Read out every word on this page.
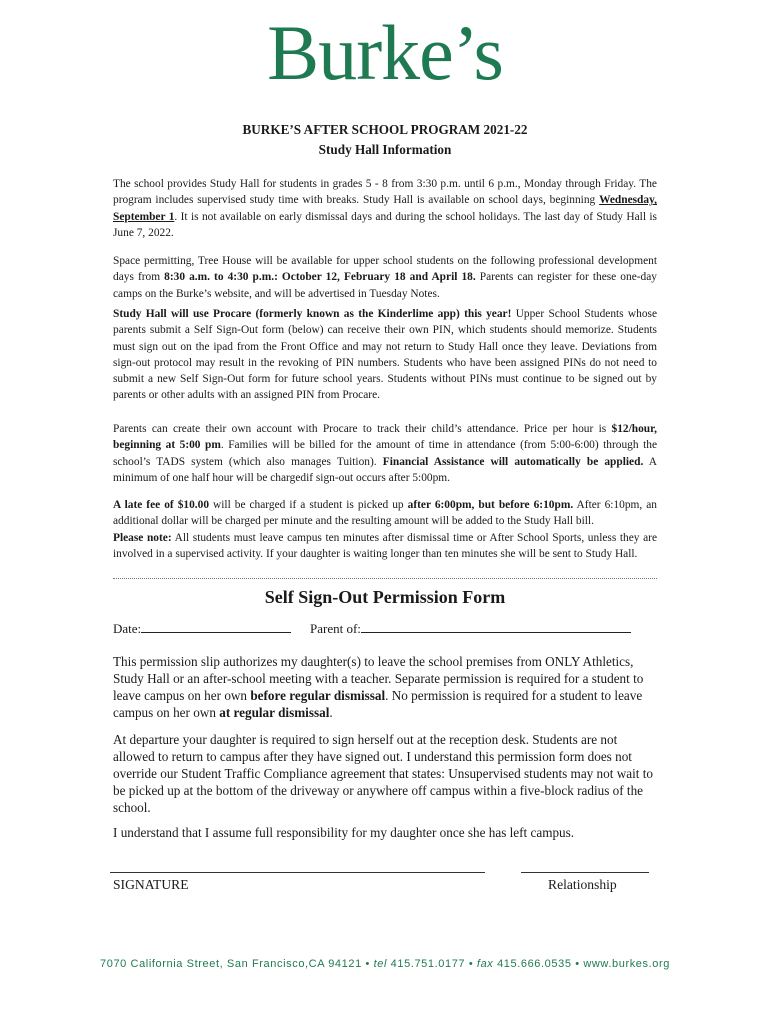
Burke’s
BURKE’S AFTER SCHOOL PROGRAM 2021-22
Study Hall Information

The school provides Study Hall for students in grades 5 - 8 from 3:30 p.m. until 6 p.m., Monday through Friday. The program includes supervised study time with breaks. Study Hall is available on school days, beginning Wednesday, September 1. It is not available on early dismissal days and during the school holidays. The last day of Study Hall is June 7, 2022.

Space permitting, Tree House will be available for upper school students on the following professional development days from 8:30 a.m. to 4:30 p.m.: October 12, February 18 and April 18. Parents can register for these one-day camps on the Burke’s website, and will be advertised in Tuesday Notes.

Study Hall will use Procare (formerly known as the Kinderlime app) this year! Upper School Students whose parents submit a Self Sign-Out form (below) can receive their own PIN, which students should memorize. Students must sign out on the ipad from the Front Office and may not return to Study Hall once they leave. Deviations from sign-out protocol may result in the revoking of PIN numbers. Students who have been assigned PINs do not need to submit a new Self Sign-Out form for future school years. Students without PINs must continue to be signed out by parents or other adults with an assigned PIN from Procare.

Parents can create their own account with Procare to track their child’s attendance. Price per hour is $12/hour, beginning at 5:00 pm. Families will be billed for the amount of time in attendance (from 5:00-6:00) through the school’s TADS system (which also manages Tuition). Financial Assistance will automatically be applied. A minimum of one half hour will be chargedif sign-out occurs after 5:00pm.

A late fee of $10.00 will be charged if a student is picked up after 6:00pm, but before 6:10pm. After 6:10pm, an additional dollar will be charged per minute and the resulting amount will be added to the Study Hall bill.
Please note: All students must leave campus ten minutes after dismissal time or After School Sports, unless they are involved in a supervised activity. If your daughter is waiting longer than ten minutes she will be sent to Study Hall.

Self Sign-Out Permission Form
Date:	Parent of:

This permission slip authorizes my daughter(s) to leave the school premises from ONLY Athletics, Study Hall or an after-school meeting with a teacher. Separate permission is required for a student to leave campus on her own before regular dismissal. No permission is required for a student to leave campus on her own at regular dismissal.

At departure your daughter is required to sign herself out at the reception desk. Students are not allowed to return to campus after they have signed out. I understand this permission form does not override our Student Traffic Compliance agreement that states: Unsupervised students may not wait to be picked up at the bottom of the driveway or anywhere off campus within a five-block radius of the school.

I understand that I assume full responsibility for my daughter once she has left campus.

SIGNATURE	Relationship
7070 California Street, San Francisco,CA 94121 • tel 415.751.0177 • fax 415.666.0535 • www.burkes.org
